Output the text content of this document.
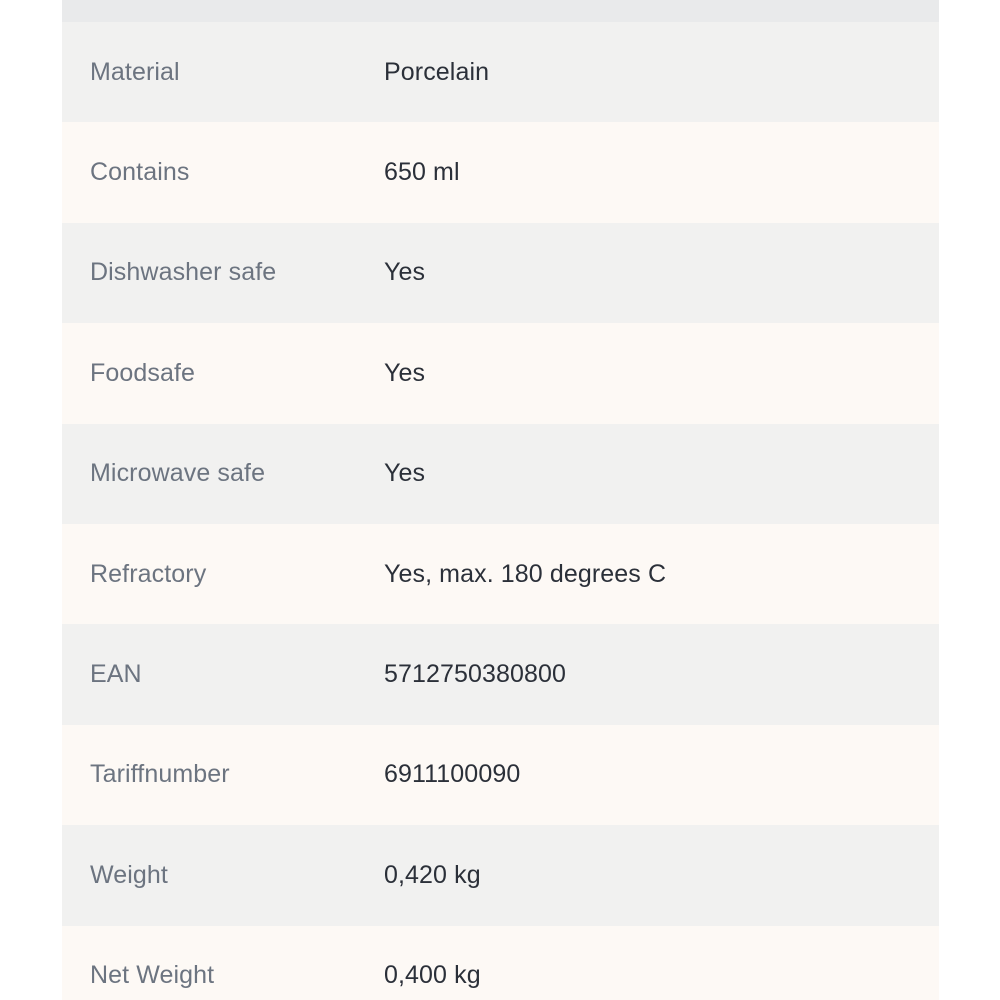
Material	Porcelain
Contains	650 ml
Dishwasher safe	Yes
Foodsafe	Yes
Microwave safe	Yes
Refractory	Yes, max. 180 degrees C
EAN	5712750380800
Tariffnumber	6911100090
Weight	0,420 kg
Net Weight	0,400 kg
